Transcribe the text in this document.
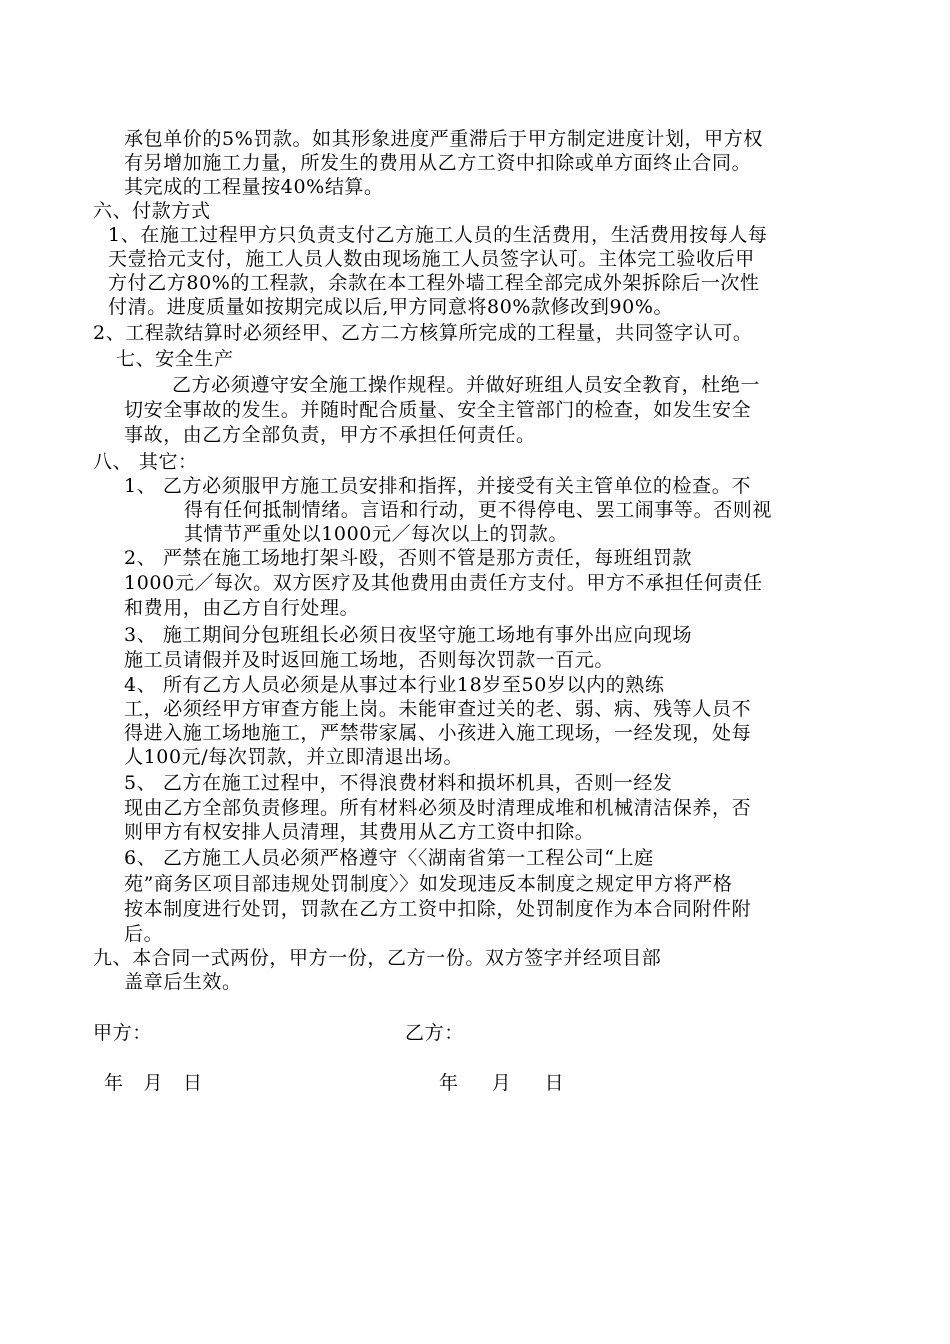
承包单价的5%罚款。如其形象进度严重滞后于甲方制定进度计划，甲方权
有另增加施工力量，所发生的费用从乙方工资中扣除或单方面终止合同。
其完成的工程量按40%结算。
六、付款方式
1、在施工过程甲方只负责支付乙方施工人员的生活费用，生活费用按每人每
天壹拾元支付，施工人员人数由现场施工人员签字认可。主体完工验收后甲
方付乙方80%的工程款，余款在本工程外墙工程全部完成外架拆除后一次性
付清。进度质量如按期完成以后,甲方同意将80%款修改到90%。
2、工程款结算时必须经甲、乙方二方核算所完成的工程量，共同签字认可。
七、安全生产
乙方必须遵守安全施工操作规程。并做好班组人员安全教育，杜绝一
切安全事故的发生。并随时配合质量、安全主管部门的检查，如发生安全
事故，由乙方全部负责，甲方不承担任何责任。
八、 其它：
1、 乙方必须服甲方施工员安排和指挥，并接受有关主管单位的检查。不
得有任何抵制情绪。言语和行动，更不得停电、罢工闹事等。否则视
其情节严重处以1000元／每次以上的罚款。
2、 严禁在施工场地打架斗殴，否则不管是那方责任，每班组罚款
1000元／每次。双方医疗及其他费用由责任方支付。甲方不承担任何责任
和费用，由乙方自行处理。
3、 施工期间分包班组长必须日夜坚守施工场地有事外出应向现场
施工员请假并及时返回施工场地，否则每次罚款一百元。
4、 所有乙方人员必须是从事过本行业18岁至50岁以内的熟练
工，必须经甲方审查方能上岗。未能审查过关的老、弱、病、残等人员不
得进入施工场地施工，严禁带家属、小孩进入施工现场，一经发现，处每
人100元/每次罚款，并立即清退出场。
5、 乙方在施工过程中，不得浪费材料和损坏机具，否则一经发
现由乙方全部负责修理。所有材料必须及时清理成堆和机械清洁保养，否
则甲方有权安排人员清理，其费用从乙方工资中扣除。
6、 乙方施工人员必须严格遵守〈〈湖南省第一工程公司“上庭
苑”商务区项目部违规处罚制度〉〉如发现违反本制度之规定甲方将严格
按本制度进行处罚，罚款在乙方工资中扣除，处罚制度作为本合同附件附
后。
九、本合同一式两份，甲方一份，乙方一份。双方签字并经项目部
盖章后生效。
甲方：	乙方：
年   月   日	年     月     日
